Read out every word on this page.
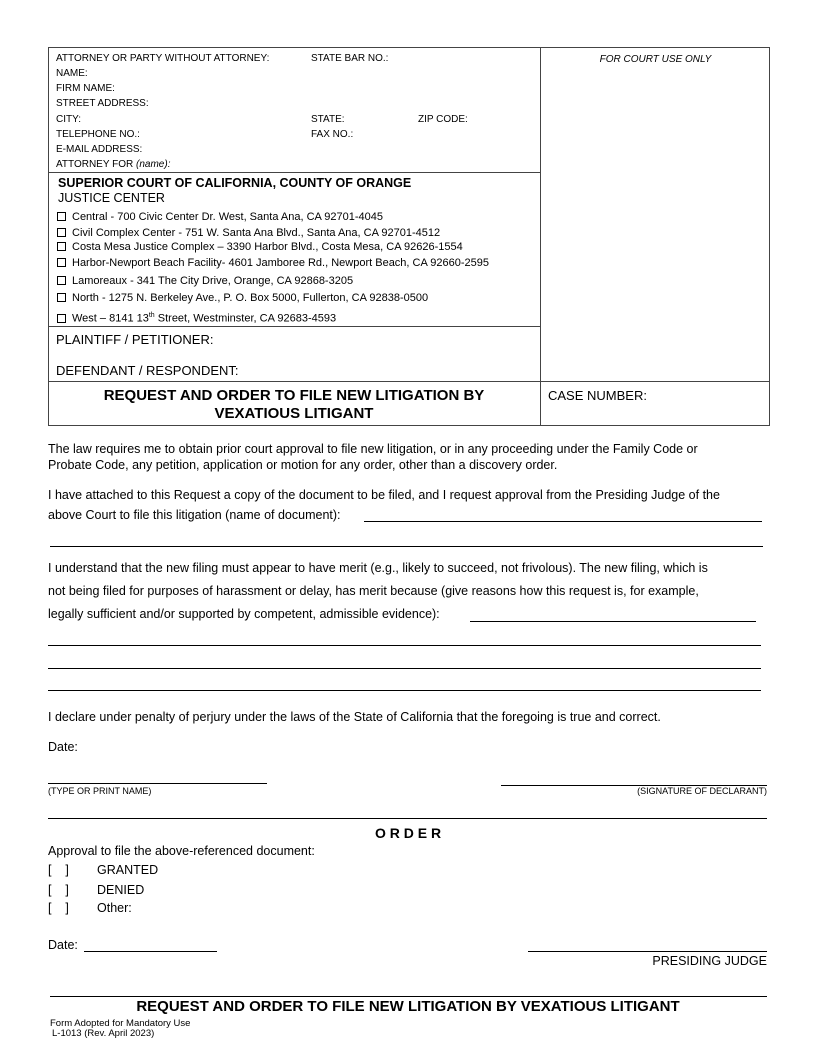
ATTORNEY OR PARTY WITHOUT ATTORNEY:	STATE BAR NO.:
NAME:
FIRM NAME:
STREET ADDRESS:
CITY:	STATE:	ZIP CODE:
TELEPHONE NO.:	FAX NO.:
E-MAIL ADDRESS:
ATTORNEY FOR (name):
FOR COURT USE ONLY
SUPERIOR COURT OF CALIFORNIA, COUNTY OF ORANGE
JUSTICE CENTER
Central - 700 Civic Center Dr. West, Santa Ana, CA 92701-4045
Civil Complex Center - 751 W. Santa Ana Blvd., Santa Ana, CA 92701-4512
Costa Mesa Justice Complex – 3390 Harbor Blvd., Costa Mesa, CA 92626-1554
Harbor-Newport Beach Facility- 4601 Jamboree Rd., Newport Beach, CA 92660-2595
Lamoreaux - 341 The City Drive, Orange, CA 92868-3205
North - 1275 N. Berkeley Ave., P. O. Box 5000, Fullerton, CA 92838-0500
West – 8141 13th Street, Westminster, CA 92683-4593
PLAINTIFF / PETITIONER:
DEFENDANT / RESPONDENT:
REQUEST AND ORDER TO FILE NEW LITIGATION BY
VEXATIOUS LITIGANT
CASE NUMBER:
The law requires me to obtain prior court approval to file new litigation, or in any proceeding under the Family Code or
Probate Code, any petition, application or motion for any order, other than a discovery order.
I have attached to this Request a copy of the document to be filed, and I request approval from the Presiding Judge of the
above Court to file this litigation (name of document):
I understand that the new filing must appear to have merit (e.g., likely to succeed, not frivolous). The new filing, which is
not being filed for purposes of harassment or delay, has merit because (give reasons how this request is, for example,
legally sufficient and/or supported by competent, admissible evidence):
I declare under penalty of perjury under the laws of the State of California that the foregoing is true and correct.
Date:
(TYPE OR PRINT NAME)	(SIGNATURE OF DECLARANT)
O R D E R
Approval to file the above-referenced document:
[    ] GRANTED
[    ] DENIED
[    ] Other:
Date:
PRESIDING JUDGE
REQUEST AND ORDER TO FILE NEW LITIGATION BY VEXATIOUS LITIGANT
Form Adopted for Mandatory Use
L-1013 (Rev. April 2023)
